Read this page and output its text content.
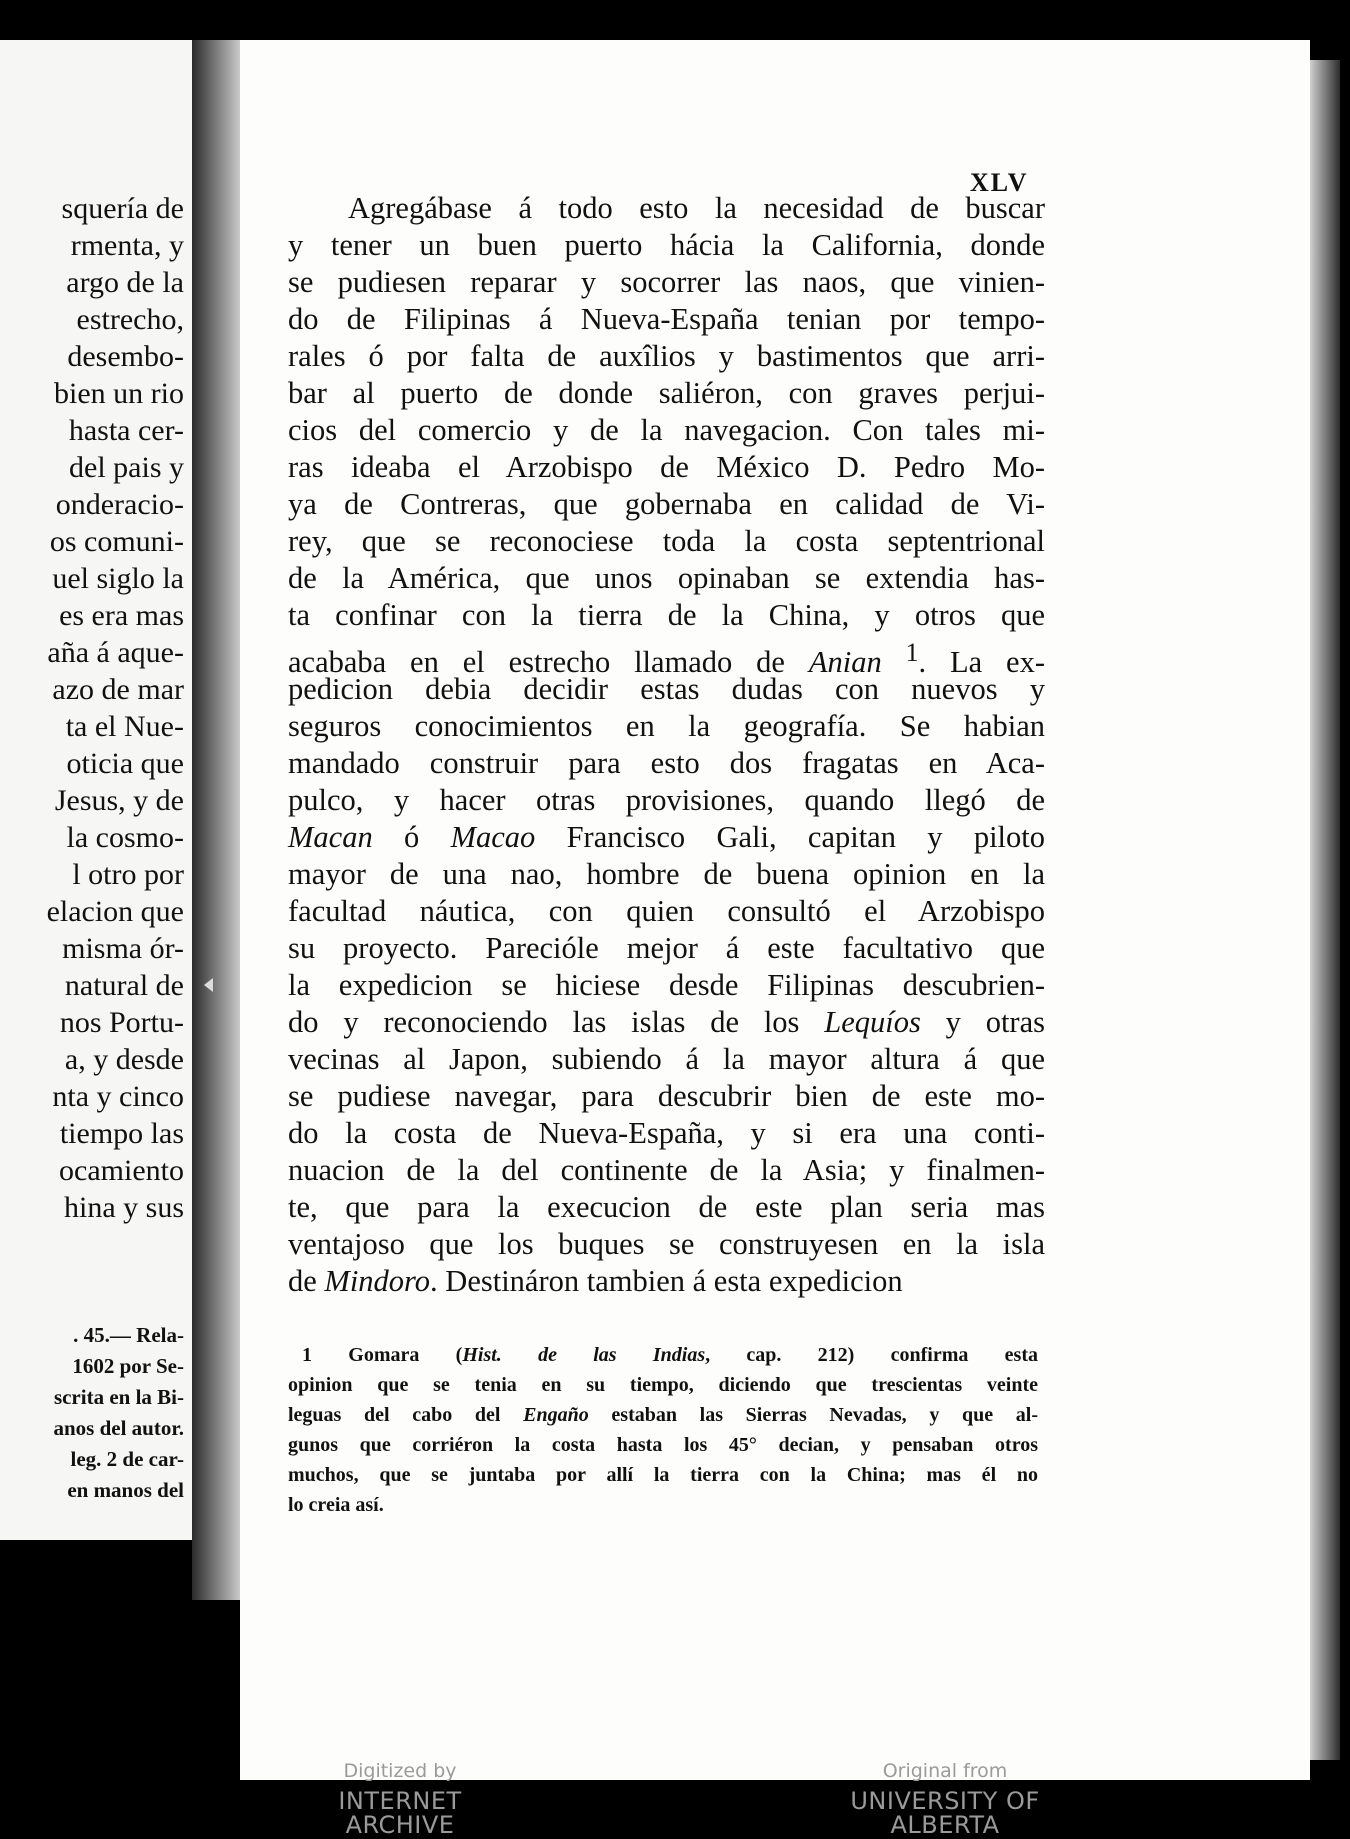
squería de
rmenta, y
argo de la
estrecho,
desembo-
bien un rio
hasta cer-
del pais y
onderacio-
os comuni-
uel siglo la
es era mas
aña á aque-
azo de mar
ta el Nue-
oticia que
Jesus, y de
la cosmo-
l otro por
elacion que
misma ór-
natural de
nos Portu-
a, y desde
nta y cinco
tiempo las
ocamiento
hina y sus
. 45.— Rela-
1602 por Se-
scrita en la Bi-
anos del autor.
leg. 2 de car-
en manos del
XLV
Agregábase á todo esto la necesidad de buscar
y tener un buen puerto hácia la California, donde
se pudiesen reparar y socorrer las naos, que vinien-
do de Filipinas á Nueva-España tenian por tempo-
rales ó por falta de auxîlios y bastimentos que arri-
bar al puerto de donde saliéron, con graves perjui-
cios del comercio y de la navegacion. Con tales mi-
ras ideaba el Arzobispo de México D. Pedro Mo-
ya de Contreras, que gobernaba en calidad de Vi-
rey, que se reconociese toda la costa septentrional
de la América, que unos opinaban se extendia has-
ta confinar con la tierra de la China, y otros que
acababa en el estrecho llamado de Anian $^1$. La ex-
pedicion debia decidir estas dudas con nuevos y
seguros conocimientos en la geografía. Se habian
mandado construir para esto dos fragatas en Aca-
pulco, y hacer otras provisiones, quando llegó de
Macan ó Macao Francisco Gali, capitan y piloto
mayor de una nao, hombre de buena opinion en la
facultad náutica, con quien consultó el Arzobispo
su proyecto. Parecióle mejor á este facultativo que
la expedicion se hiciese desde Filipinas descubrien-
do y reconociendo las islas de los Lequíos y otras
vecinas al Japon, subiendo á la mayor altura á que
se pudiese navegar, para descubrir bien de este mo-
do la costa de Nueva-España, y si era una conti-
nuacion de la del continente de la Asia; y finalmen-
te, que para la execucion de este plan seria mas
ventajoso que los buques se construyesen en la isla
de Mindoro. Destináron tambien á esta expedicion
1 Gomara (Hist. de las Indias, cap. 212) confirma esta
opinion que se tenia en su tiempo, diciendo que trescientas veinte
leguas del cabo del Engaño estaban las Sierras Nevadas, y que al-
gunos que corriéron la costa hasta los 45° decian, y pensaban otros
muchos, que se juntaba por allí la tierra con la China; mas él no
lo creia así.
Digitized by
INTERNET ARCHIVE
Original from
UNIVERSITY OF ALBERTA
